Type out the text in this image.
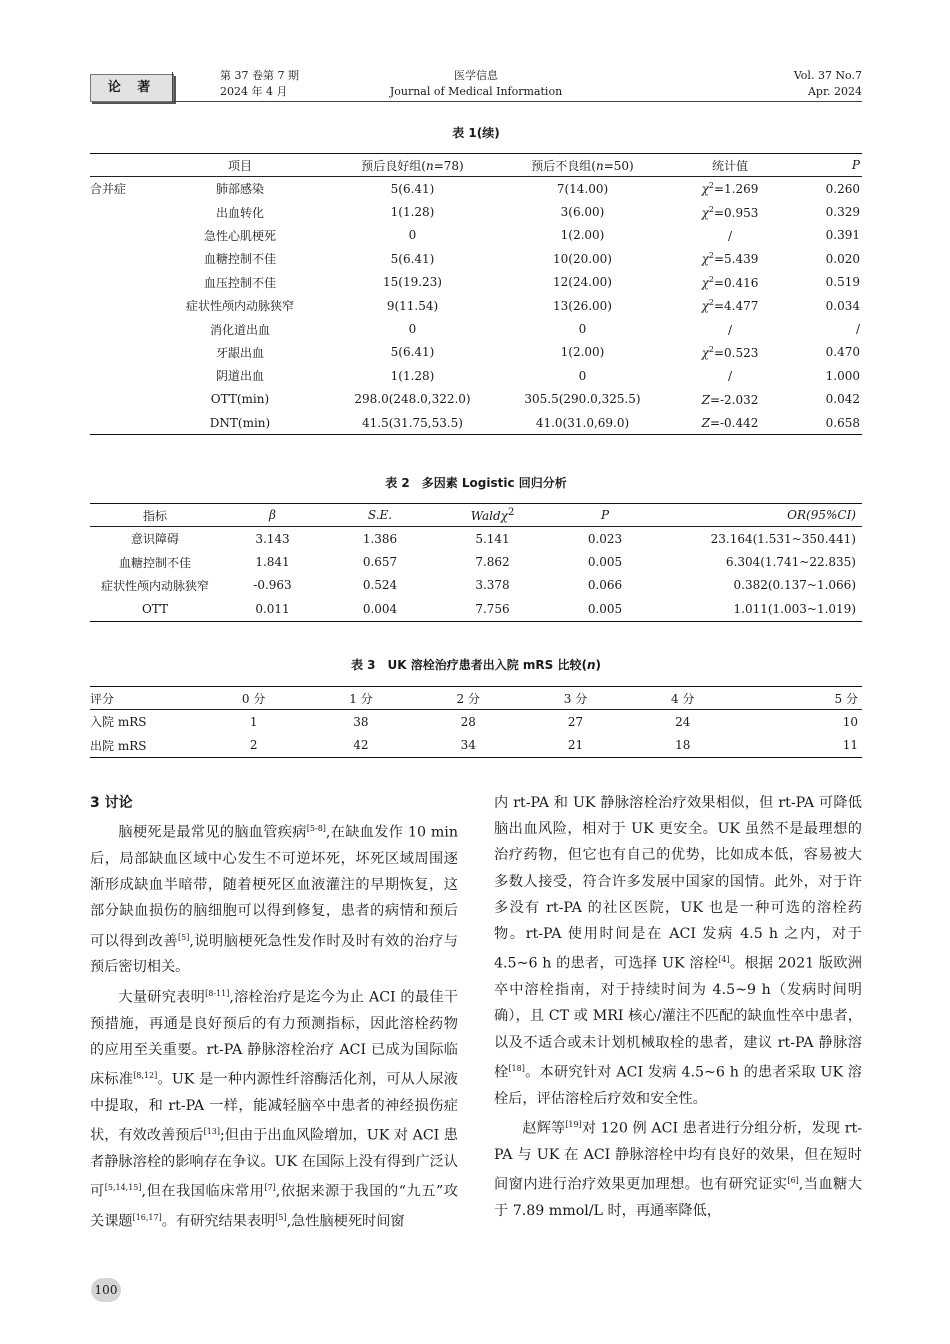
论 著
第 37 卷第 7 期
2024 年 4 月
医学信息
Journal of Medical Information
Vol. 37 No.7
Apr. 2024
表 1(续)
	项目	预后良好组(n=78)	预后不良组(n=50)	统计值	P
合并症	肺部感染	5(6.41)	7(14.00)	$\chi^2=1.269$	0.260
	出血转化	1(1.28)	3(6.00)	$\chi^2=0.953$	0.329
	急性心肌梗死	0	1(2.00)	/	0.391
	血糖控制不佳	5(6.41)	10(20.00)	$\chi^2=5.439$	0.020
	血压控制不佳	15(19.23)	12(24.00)	$\chi^2=0.416$	0.519
	症状性颅内动脉狭窄	9(11.54)	13(26.00)	$\chi^2=4.477$	0.034
	消化道出血	0	0	/	/
	牙龈出血	5(6.41)	1(2.00)	$\chi^2=0.523$	0.470
	阴道出血	1(1.28)	0	/	1.000
	OTT(min)	298.0(248.0,322.0)	305.5(290.0,325.5)	Z=-2.032	0.042
	DNT(min)	41.5(31.75,53.5)	41.0(31.0,69.0)	Z=-0.442	0.658
表 2　多因素 Logistic 回归分析
指标	β	S.E.	Waldχ$^2$	P	OR(95%CI)
意识障碍	3.143	1.386	5.141	0.023	23.164(1.531~350.441)
血糖控制不佳	1.841	0.657	7.862	0.005	6.304(1.741~22.835)
症状性颅内动脉狭窄	-0.963	0.524	3.378	0.066	0.382(0.137~1.066)
OTT	0.011	0.004	7.756	0.005	1.011(1.003~1.019)
表 3　UK 溶栓治疗患者出入院 mRS 比较(n)
评分	0 分	1 分	2 分	3 分	4 分	5 分
入院 mRS	1	38	28	27	24	10
出院 mRS	2	42	34	21	18	11

3 讨论

脑梗死是最常见的脑血管疾病[5-8],在缺血发作 10 min 后，局部缺血区域中心发生不可逆坏死，坏死区域周围逐渐形成缺血半暗带，随着梗死区血液灌注的早期恢复，这部分缺血损伤的脑细胞可以得到修复，患者的病情和预后可以得到改善[5],说明脑梗死急性发作时及时有效的治疗与预后密切相关。

大量研究表明[8-11],溶栓治疗是迄今为止 ACI 的最佳干预措施，再通是良好预后的有力预测指标，因此溶栓药物的应用至关重要。rt-PA 静脉溶栓治疗 ACI 已成为国际临床标准[8,12]。UK 是一种内源性纤溶酶活化剂，可从人尿液中提取，和 rt-PA 一样，能减轻脑卒中患者的神经损伤症状，有效改善预后[13];但由于出血风险增加，UK 对 ACI 患者静脉溶栓的影响存在争议。UK 在国际上没有得到广泛认可[5,14,15],但在我国临床常用[7],依据来源于我国的“九五”攻关课题[16,17]。有研究结果表明[5],急性脑梗死时间窗

内 rt-PA 和 UK 静脉溶栓治疗效果相似，但 rt-PA 可降低脑出血风险，相对于 UK 更安全。UK 虽然不是最理想的治疗药物，但它也有自己的优势，比如成本低，容易被大多数人接受，符合许多发展中国家的国情。此外，对于许多没有 rt-PA 的社区医院，UK 也是一种可选的溶栓药物。rt-PA 使用时间是在 ACI 发病 4.5 h 之内，对于 4.5~6 h 的患者，可选择 UK 溶栓[4]。根据 2021 版欧洲卒中溶栓指南，对于持续时间为 4.5~9 h（发病时间明确），且 CT 或 MRI 核心/灌注不匹配的缺血性卒中患者，以及不适合或未计划机械取栓的患者，建议 rt-PA 静脉溶栓[18]。本研究针对 ACI 发病 4.5~6 h 的患者采取 UK 溶栓后，评估溶栓后疗效和安全性。

赵辉等[19]对 120 例 ACI 患者进行分组分析，发现 rt-PA 与 UK 在 ACI 静脉溶栓中均有良好的效果，但在短时间窗内进行治疗效果更加理想。也有研究证实[6],当血糖大于 7.89 mmol/L 时，再通率降低，

100
